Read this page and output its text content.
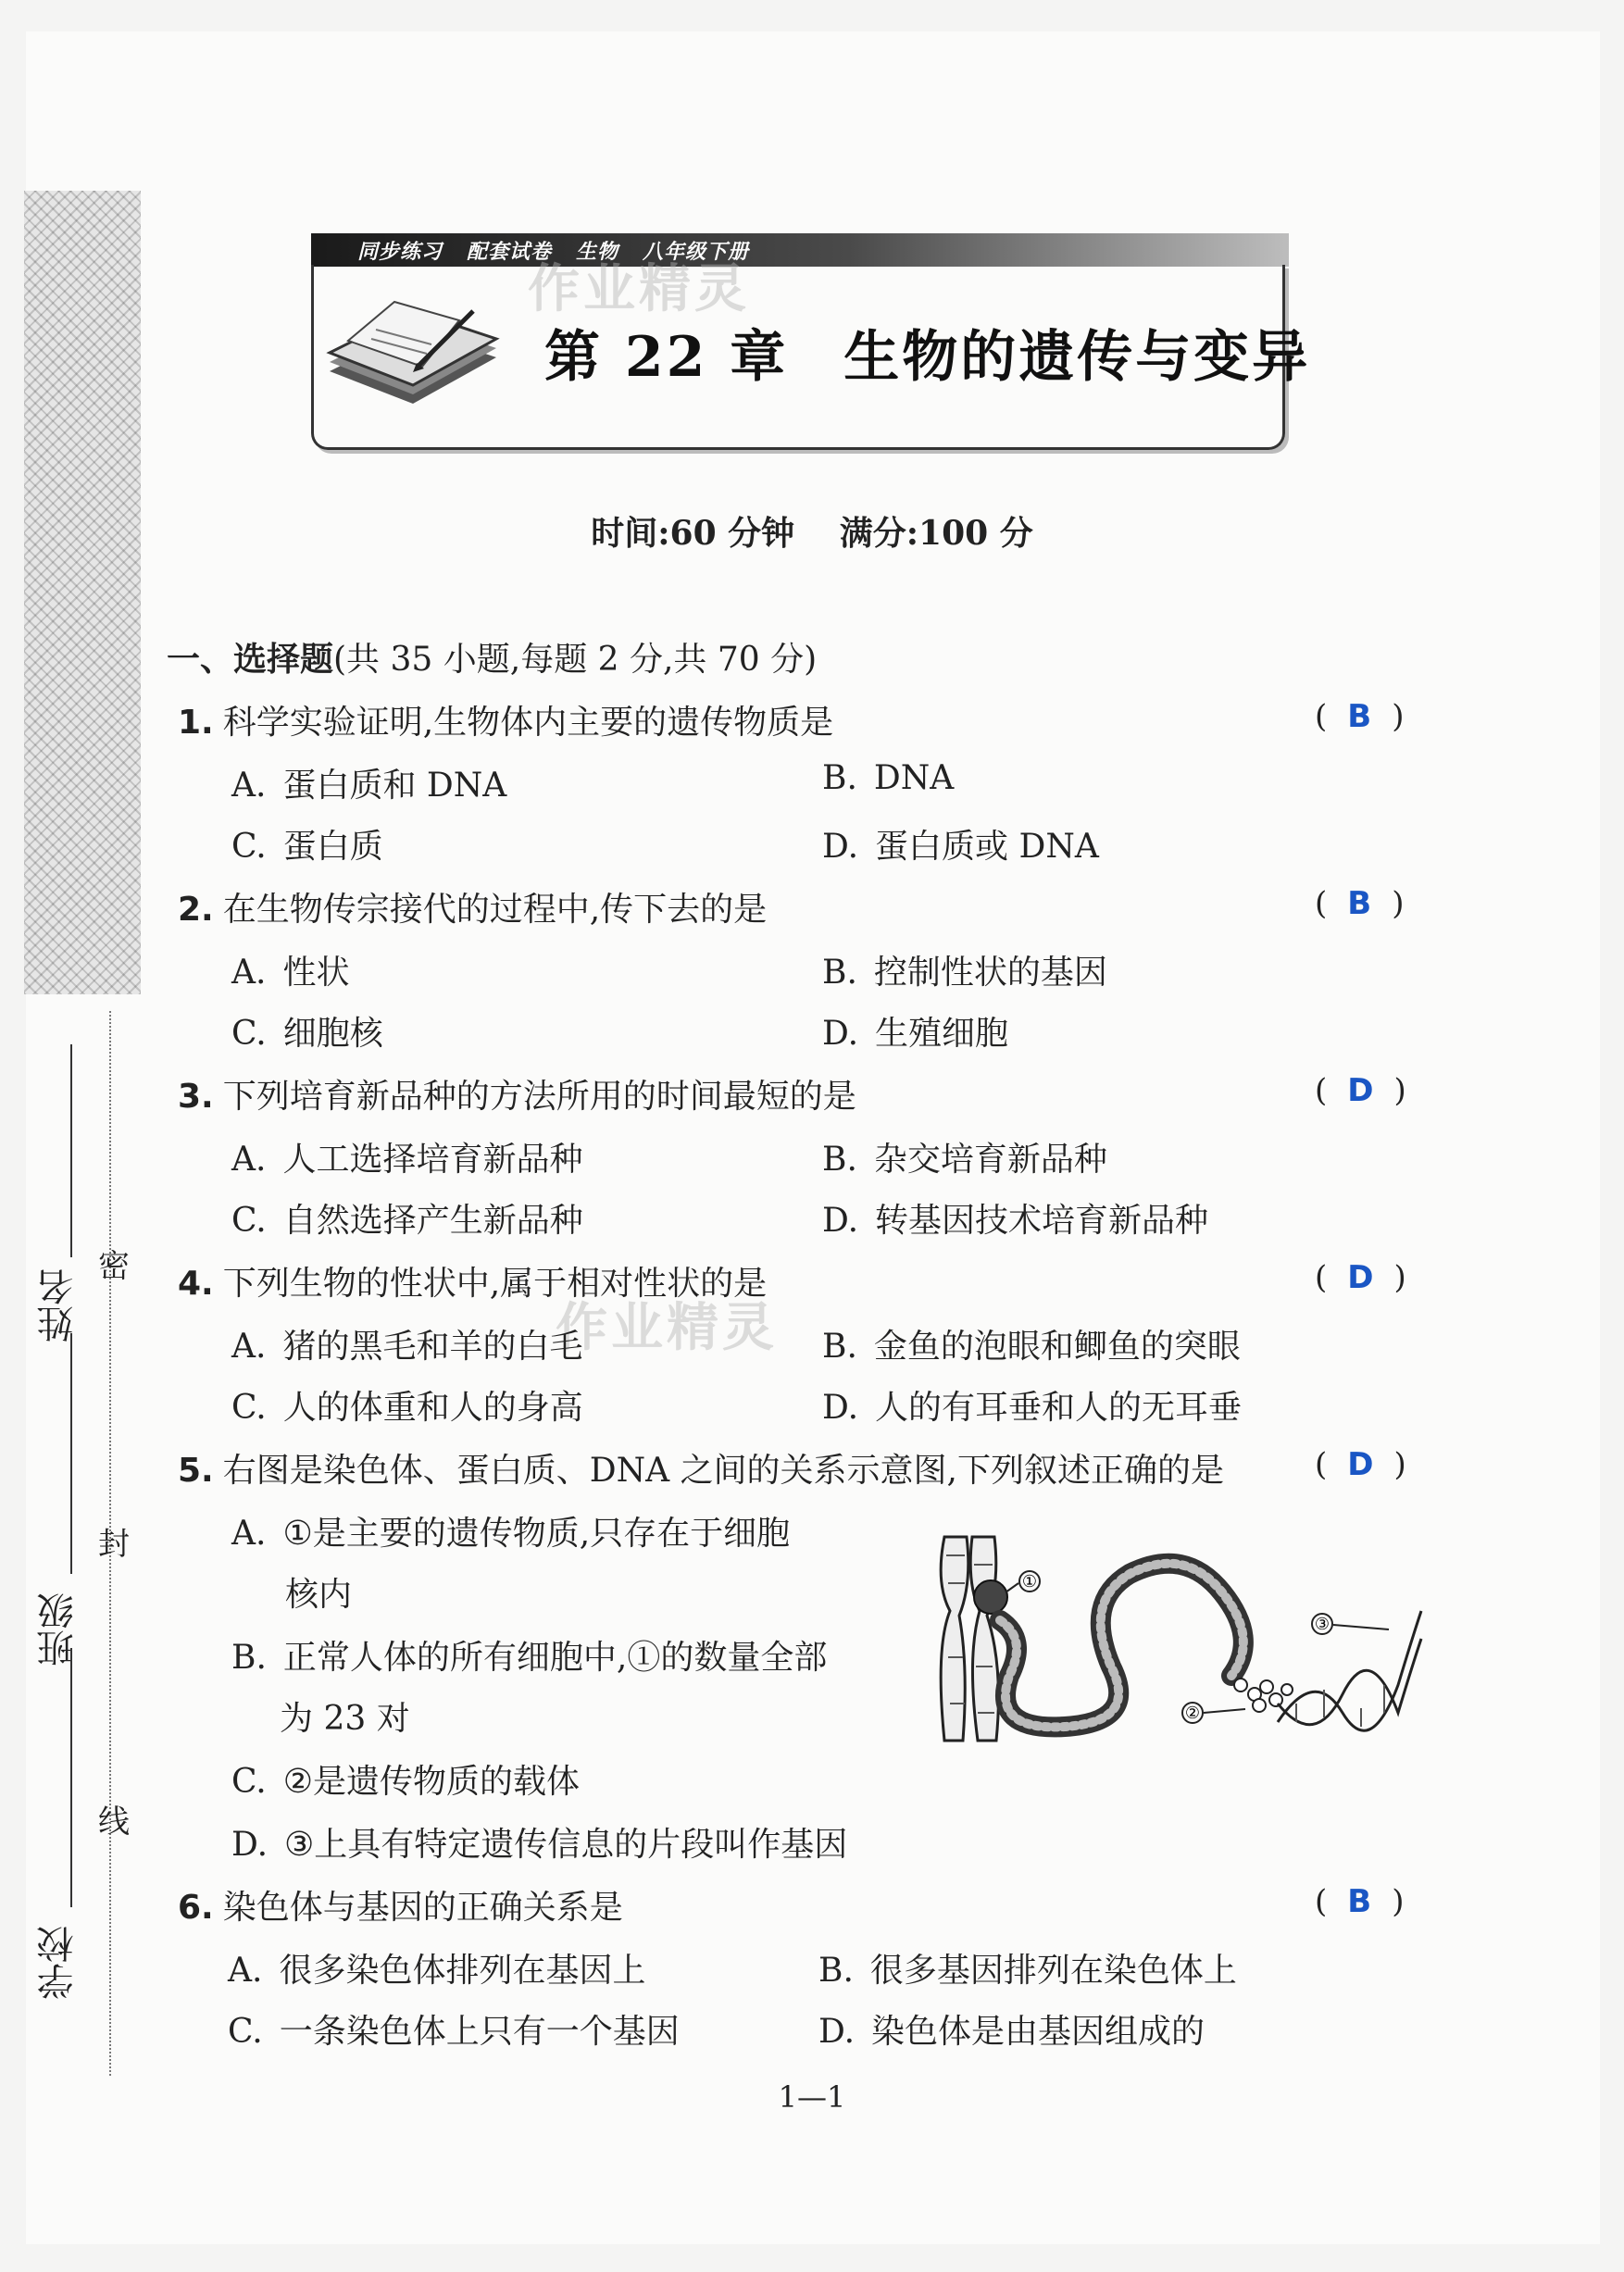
姓名
班级
学校
密
封
线
同步练习 配套试卷 生物 八年级下册
第 22 章 生物的遗传与变异
作业精灵
作业精灵
时间:60 分钟 满分:100 分
一、选择题(共 35 小题,每题 2 分,共 70 分)
1. 科学实验证明,生物体内主要的遗传物质是	( B )
A. 蛋白质和 DNA	B. DNA
C. 蛋白质	D. 蛋白质或 DNA
2. 在生物传宗接代的过程中,传下去的是	( B )
A. 性状	B. 控制性状的基因
C. 细胞核	D. 生殖细胞
3. 下列培育新品种的方法所用的时间最短的是	( D )
A. 人工选择培育新品种	B. 杂交培育新品种
C. 自然选择产生新品种	D. 转基因技术培育新品种
4. 下列生物的性状中,属于相对性状的是	( D )
A. 猪的黑毛和羊的白毛	B. 金鱼的泡眼和鲫鱼的突眼
C. 人的体重和人的身高	D. 人的有耳垂和人的无耳垂
5. 右图是染色体、蛋白质、DNA 之间的关系示意图,下列叙述正确的是	( D )
A. ①是主要的遗传物质,只存在于细胞
核内
B. 正常人体的所有细胞中,①的数量全部
为 23 对
C. ②是遗传物质的载体
D. ③上具有特定遗传信息的片段叫作基因
①
②
③
6. 染色体与基因的正确关系是	( B )
A. 很多染色体排列在基因上	B. 很多基因排列在染色体上
C. 一条染色体上只有一个基因	D. 染色体是由基因组成的
1—1
